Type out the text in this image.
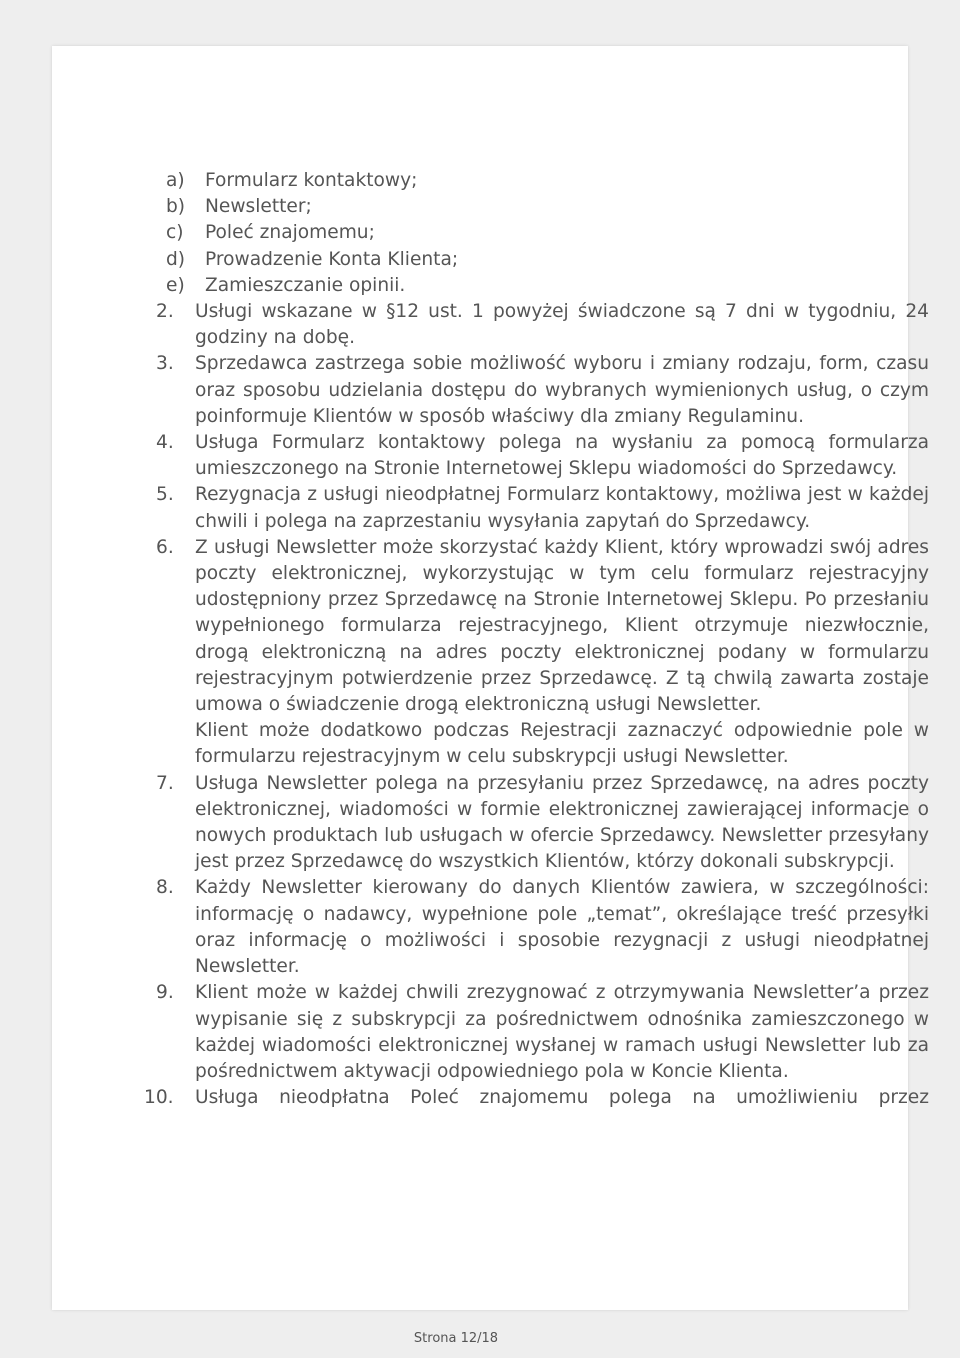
a)	Formularz kontaktowy;
b)	Newsletter;
c)	Poleć znajomemu;
d)	Prowadzenie Konta Klienta;
e)	Zamieszczanie opinii.
2.	Usługi wskazane w §12 ust. 1 powyżej świadczone są 7 dni w tygodniu, 24 godziny na dobę.
3.	Sprzedawca zastrzega sobie możliwość wyboru i zmiany rodzaju, form, czasu oraz sposobu udzielania dostępu do wybranych wymienionych usług, o czym poinformuje Klientów w sposób właściwy dla zmiany Regulaminu.
4.	Usługa Formularz kontaktowy polega na wysłaniu za pomocą formularza umieszczonego na Stronie Internetowej Sklepu wiadomości do Sprzedawcy.
5.	Rezygnacja z usługi nieodpłatnej Formularz kontaktowy, możliwa jest w każdej chwili i polega na zaprzestaniu wysyłania zapytań do Sprzedawcy.
6.	Z usługi Newsletter może skorzystać każdy Klient, który wprowadzi swój adres poczty elektronicznej, wykorzystując w tym celu formularz rejestracyjny udostępniony przez Sprzedawcę na Stronie Internetowej Sklepu. Po przesłaniu wypełnionego formularza rejestracyjnego, Klient otrzymuje niezwłocznie, drogą elektroniczną na adres poczty elektronicznej podany w formularzu rejestracyjnym potwierdzenie przez Sprzedawcę. Z tą chwilą zawarta zostaje umowa o świadczenie drogą elektroniczną usługi Newsletter.
Klient może dodatkowo podczas Rejestracji zaznaczyć odpowiednie pole w formularzu rejestracyjnym w celu subskrypcji usługi Newsletter.
7.	Usługa Newsletter polega na przesyłaniu przez Sprzedawcę, na adres poczty elektronicznej, wiadomości w formie elektronicznej zawierającej informacje o nowych produktach lub usługach w ofercie Sprzedawcy. Newsletter przesyłany jest przez Sprzedawcę do wszystkich Klientów, którzy dokonali subskrypcji.
8.	Każdy Newsletter kierowany do danych Klientów zawiera, w szczególności: informację o nadawcy, wypełnione pole „temat”, określające treść przesyłki oraz informację o możliwości i sposobie rezygnacji z usługi nieodpłatnej Newsletter.
9.	Klient może w każdej chwili zrezygnować z otrzymywania Newsletter’a przez wypisanie się z subskrypcji za pośrednictwem odnośnika zamieszczonego w każdej wiadomości elektronicznej wysłanej w ramach usługi Newsletter lub za pośrednictwem aktywacji odpowiedniego pola w Koncie Klienta.
10.	Usługa nieodpłatna Poleć znajomemu polega na umożliwieniu przez
Strona 12/18
